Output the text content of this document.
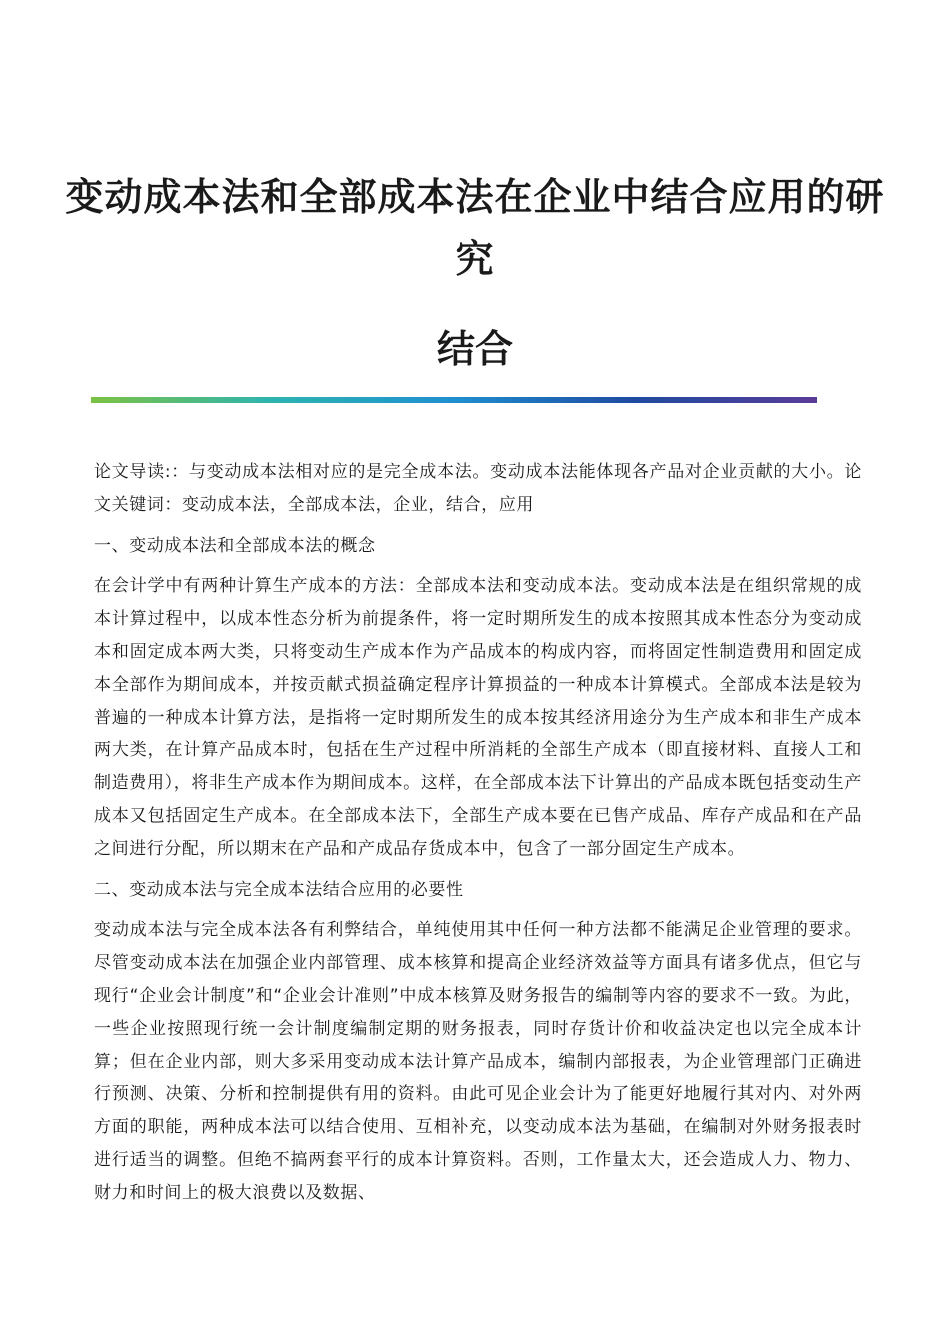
变动成本法和全部成本法在企业中结合应用的研究
结合

论文导读:：与变动成本法相对应的是完全成本法。变动成本法能体现各产品对企业贡献的大小。论文关键词：变动成本法，全部成本法，企业，结合，应用

一、变动成本法和全部成本法的概念

在会计学中有两种计算生产成本的方法：全部成本法和变动成本法。变动成本法是在组织常规的成本计算过程中，以成本性态分析为前提条件，将一定时期所发生的成本按照其成本性态分为变动成本和固定成本两大类，只将变动生产成本作为产品成本的构成内容，而将固定性制造费用和固定成本全部作为期间成本，并按贡献式损益确定程序计算损益的一种成本计算模式。全部成本法是较为普遍的一种成本计算方法，是指将一定时期所发生的成本按其经济用途分为生产成本和非生产成本两大类，在计算产品成本时，包括在生产过程中所消耗的全部生产成本（即直接材料、直接人工和制造费用），将非生产成本作为期间成本。这样，在全部成本法下计算出的产品成本既包括变动生产成本又包括固定生产成本。在全部成本法下，全部生产成本要在已售产成品、库存产成品和在产品之间进行分配，所以期末在产品和产成品存货成本中，包含了一部分固定生产成本。

二、变动成本法与完全成本法结合应用的必要性

变动成本法与完全成本法各有利弊结合，单纯使用其中任何一种方法都不能满足企业管理的要求。尽管变动成本法在加强企业内部管理、成本核算和提高企业经济效益等方面具有诸多优点，但它与现行“企业会计制度”和“企业会计准则”中成本核算及财务报告的编制等内容的要求不一致。为此，一些企业按照现行统一会计制度编制定期的财务报表，同时存货计价和收益决定也以完全成本计算；但在企业内部，则大多采用变动成本法计算产品成本，编制内部报表，为企业管理部门正确进行预测、决策、分析和控制提供有用的资料。由此可见企业会计为了能更好地履行其对内、对外两方面的职能，两种成本法可以结合使用、互相补充，以变动成本法为基础，在编制对外财务报表时进行适当的调整。但绝不搞两套平行的成本计算资料。否则，工作量太大，还会造成人力、物力、财力和时间上的极大浪费以及数据、
